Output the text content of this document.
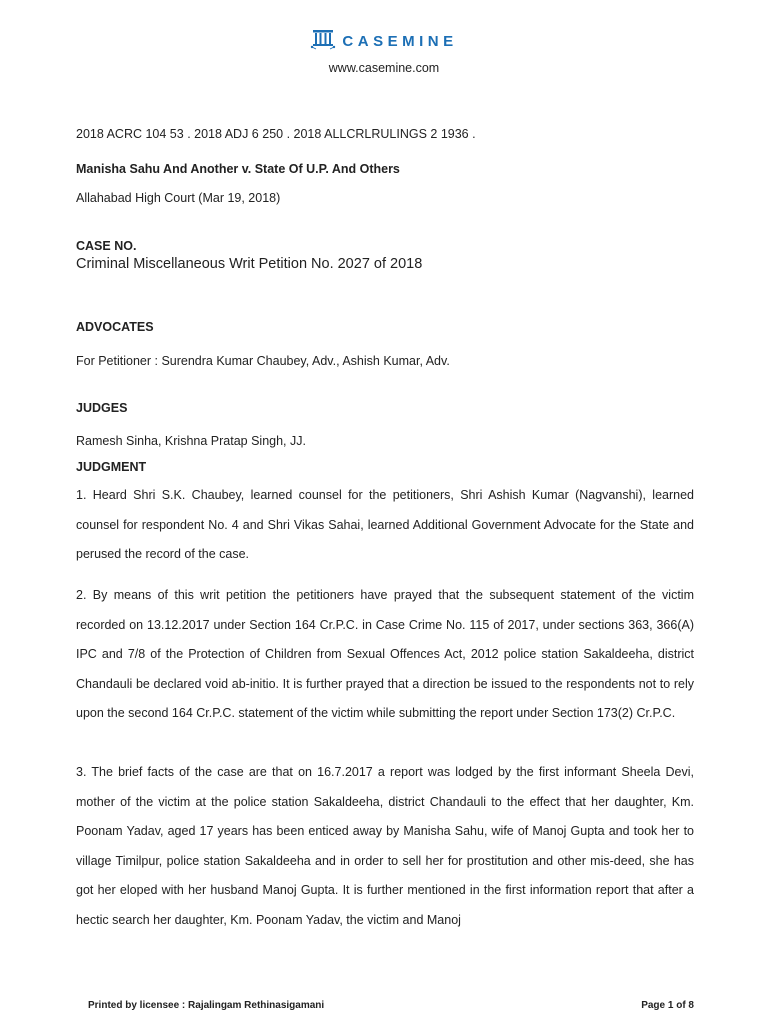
CASEMINE
www.casemine.com
2018 ACRC 104 53 . 2018 ADJ 6 250 . 2018 ALLCRLRULINGS 2 1936 .
Manisha Sahu And Another v. State Of U.P. And Others
Allahabad High Court (Mar 19, 2018)
CASE NO.
Criminal Miscellaneous Writ Petition No. 2027 of 2018
ADVOCATES
For Petitioner : Surendra Kumar Chaubey, Adv., Ashish Kumar, Adv.
JUDGES
Ramesh Sinha, Krishna Pratap Singh, JJ.
JUDGMENT
1. Heard Shri S.K. Chaubey, learned counsel for the petitioners, Shri Ashish Kumar (Nagvanshi), learned counsel for respondent No. 4 and Shri Vikas Sahai, learned Additional Government Advocate for the State and perused the record of the case.
2. By means of this writ petition the petitioners have prayed that the subsequent statement of the victim recorded on 13.12.2017 under Section 164 Cr.P.C. in Case Crime No. 115 of 2017, under sections 363, 366(A) IPC and 7/8 of the Protection of Children from Sexual Offences Act, 2012 police station Sakaldeeha, district Chandauli be declared void ab-initio. It is further prayed that a direction be issued to the respondents not to rely upon the second 164 Cr.P.C. statement of the victim while submitting the report under Section 173(2) Cr.P.C.
3. The brief facts of the case are that on 16.7.2017 a report was lodged by the first informant Sheela Devi, mother of the victim at the police station Sakaldeeha, district Chandauli to the effect that her daughter, Km. Poonam Yadav, aged 17 years has been enticed away by Manisha Sahu, wife of Manoj Gupta and took her to village Timilpur, police station Sakaldeeha and in order to sell her for prostitution and other mis-deed, she has got her eloped with her husband Manoj Gupta. It is further mentioned in the first information report that after a hectic search her daughter, Km. Poonam Yadav, the victim and Manoj
Printed by licensee : Rajalingam Rethinasigamani	Page 1 of 8
